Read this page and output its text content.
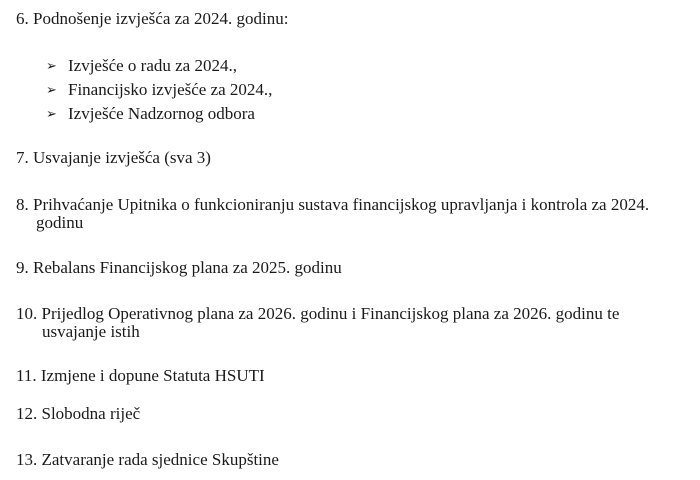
6. Podnošenje izvješća za 2024. godinu:
➢ Izvješće o radu za 2024.,
➢ Financijsko izvješće za 2024.,
➢ Izvješće Nadzornog odbora
7. Usvajanje izvješća (sva 3)
8. Prihvaćanje Upitnika o funkcioniranju sustava financijskog upravljanja i kontrola za 2024.
godinu
9. Rebalans Financijskog plana za 2025. godinu
10. Prijedlog Operativnog plana za 2026. godinu i Financijskog plana za 2026. godinu te
usvajanje istih
11. Izmjene i dopune Statuta HSUTI
12. Slobodna riječ
13. Zatvaranje rada sjednice Skupštine
